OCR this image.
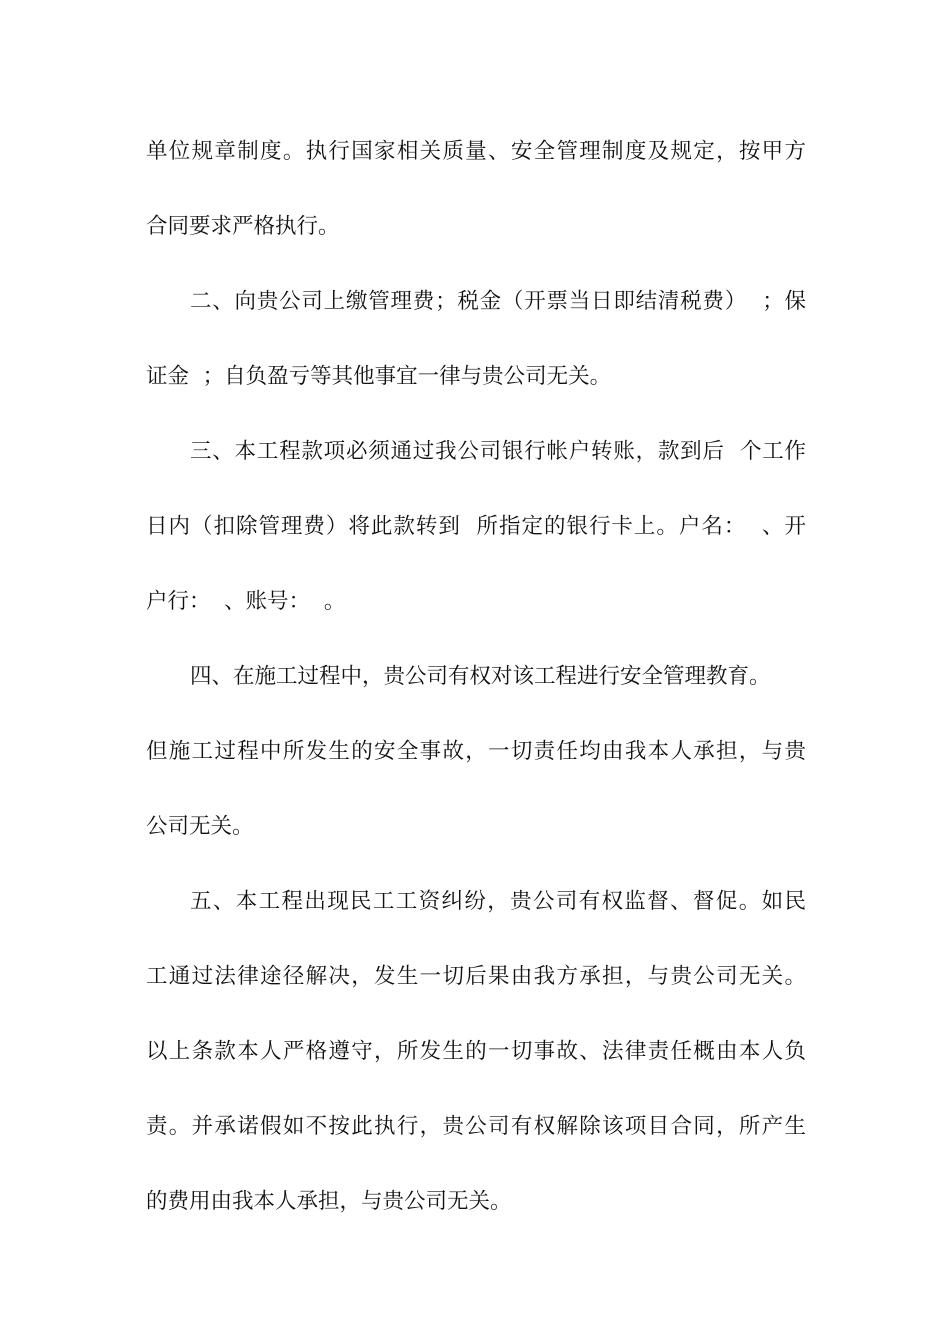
单位规章制度。执行国家相关质量、安全管理制度及规定，按甲方
合同要求严格执行。
二、向贵公司上缴管理费；税金（开票当日即结清税费）  ；保
证金  ；自负盈亏等其他事宜一律与贵公司无关。
三、本工程款项必须通过我公司银行帐户转账，款到后  个工作
日内（扣除管理费）将此款转到  所指定的银行卡上。户名：  、开
户行：  、账号：  。
四、在施工过程中，贵公司有权对该工程进行安全管理教育。
但施工过程中所发生的安全事故，一切责任均由我本人承担，与贵
公司无关。
五、本工程出现民工工资纠纷，贵公司有权监督、督促。如民
工通过法律途径解决，发生一切后果由我方承担，与贵公司无关。
以上条款本人严格遵守，所发生的一切事故、法律责任概由本人负
责。并承诺假如不按此执行，贵公司有权解除该项目合同，所产生
的费用由我本人承担，与贵公司无关。
